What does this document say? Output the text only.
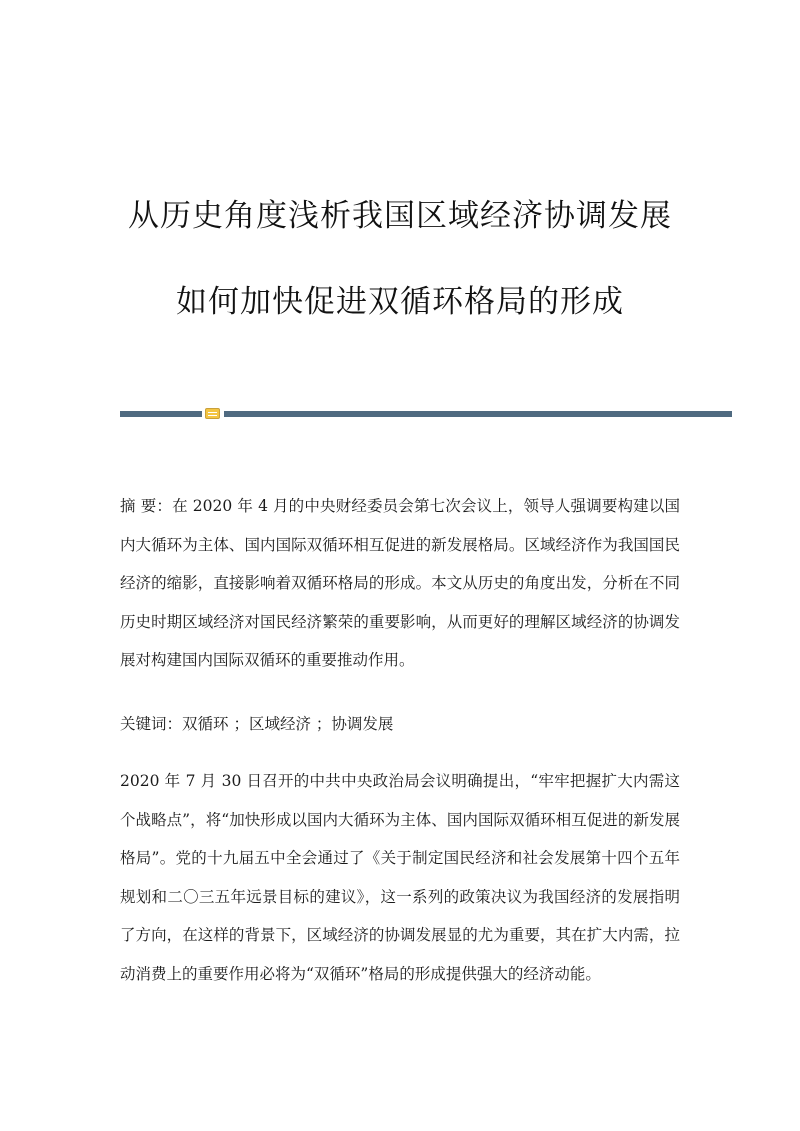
从历史角度浅析我国区域经济协调发展
如何加快促进双循环格局的形成
摘 要：在 2020 年 4 月的中央财经委员会第七次会议上，领导人强调要构建以国内大循环为主体、国内国际双循环相互促进的新发展格局。区域经济作为我国国民经济的缩影，直接影响着双循环格局的形成。本文从历史的角度出发，分析在不同历史时期区域经济对国民经济繁荣的重要影响，从而更好的理解区域经济的协调发展对构建国内国际双循环的重要推动作用。
关键词：双循环 ；区域经济 ；协调发展
2020 年 7 月 30 日召开的中共中央政治局会议明确提出，“牢牢把握扩大内需这个战略点”，将“加快形成以国内大循环为主体、国内国际双循环相互促进的新发展格局”。党的十九届五中全会通过了《关于制定国民经济和社会发展第十四个五年规划和二〇三五年远景目标的建议》，这一系列的政策决议为我国经济的发展指明了方向，在这样的背景下，区域经济的协调发展显的尤为重要，其在扩大内需，拉动消费上的重要作用必将为“双循环”格局的形成提供强大的经济动能。
